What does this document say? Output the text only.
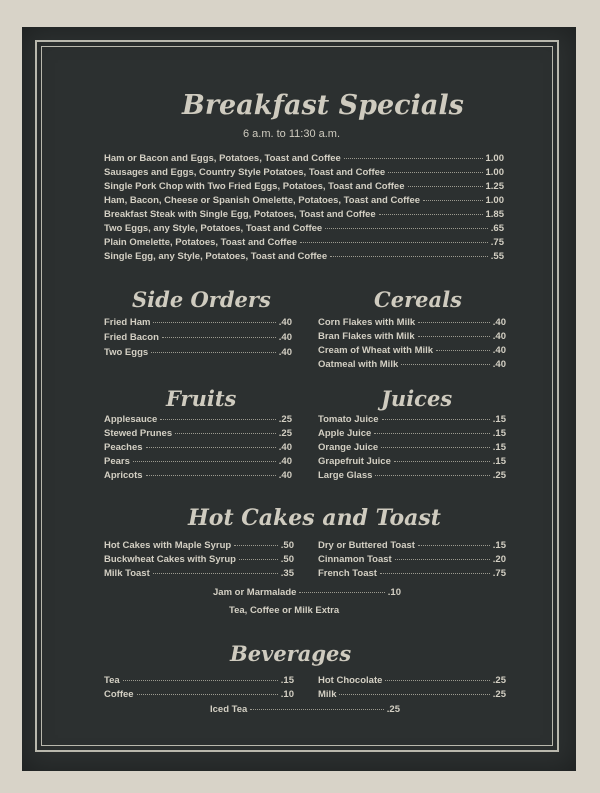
Breakfast Specials
6 a.m. to 11:30 a.m.
Ham or Bacon and Eggs, Potatoes, Toast and Coffee	1.00
Sausages and Eggs, Country Style Potatoes, Toast and Coffee	1.00
Single Pork Chop with Two Fried Eggs, Potatoes, Toast and Coffee	1.25
Ham, Bacon, Cheese or Spanish Omelette, Potatoes, Toast and Coffee	1.00
Breakfast Steak with Single Egg, Potatoes, Toast and Coffee	1.85
Two Eggs, any Style, Potatoes, Toast and Coffee	.65
Plain Omelette, Potatoes, Toast and Coffee	.75
Single Egg, any Style, Potatoes, Toast and Coffee	.55
Side Orders
Fried Ham	.40
Fried Bacon	.40
Two Eggs	.40
Cereals
Corn Flakes with Milk	.40
Bran Flakes with Milk	.40
Cream of Wheat with Milk	.40
Oatmeal with Milk	.40
Fruits
Applesauce	.25
Stewed Prunes	.25
Peaches	.40
Pears	.40
Apricots	.40
Juices
Tomato Juice	.15
Apple Juice	.15
Orange Juice	.15
Grapefruit Juice	.15
Large Glass	.25
Hot Cakes and Toast
Hot Cakes with Maple Syrup	.50
Buckwheat Cakes with Syrup	.50
Milk Toast	.35
Dry or Buttered Toast	.15
Cinnamon Toast	.20
French Toast	.75
Jam or Marmalade	.10
Tea, Coffee or Milk Extra
Beverages
Tea	.15
Coffee	.10
Hot Chocolate	.25
Milk	.25
Iced Tea	.25
